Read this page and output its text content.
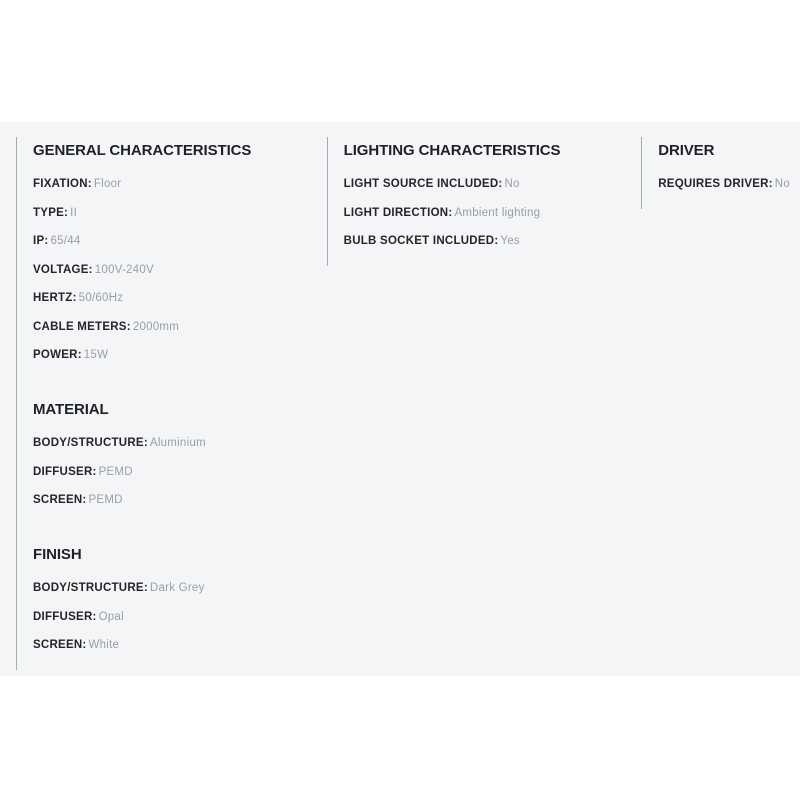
GENERAL CHARACTERISTICS
FIXATION: Floor
TYPE: II
IP: 65/44
VOLTAGE: 100V-240V
HERTZ: 50/60Hz
CABLE METERS: 2000mm
POWER: 15W
MATERIAL
BODY/STRUCTURE: Aluminium
DIFFUSER: PEMD
SCREEN: PEMD
FINISH
BODY/STRUCTURE: Dark Grey
DIFFUSER: Opal
SCREEN: White
LIGHTING CHARACTERISTICS
LIGHT SOURCE INCLUDED: No
LIGHT DIRECTION: Ambient lighting
BULB SOCKET INCLUDED: Yes
DRIVER
REQUIRES DRIVER: No
